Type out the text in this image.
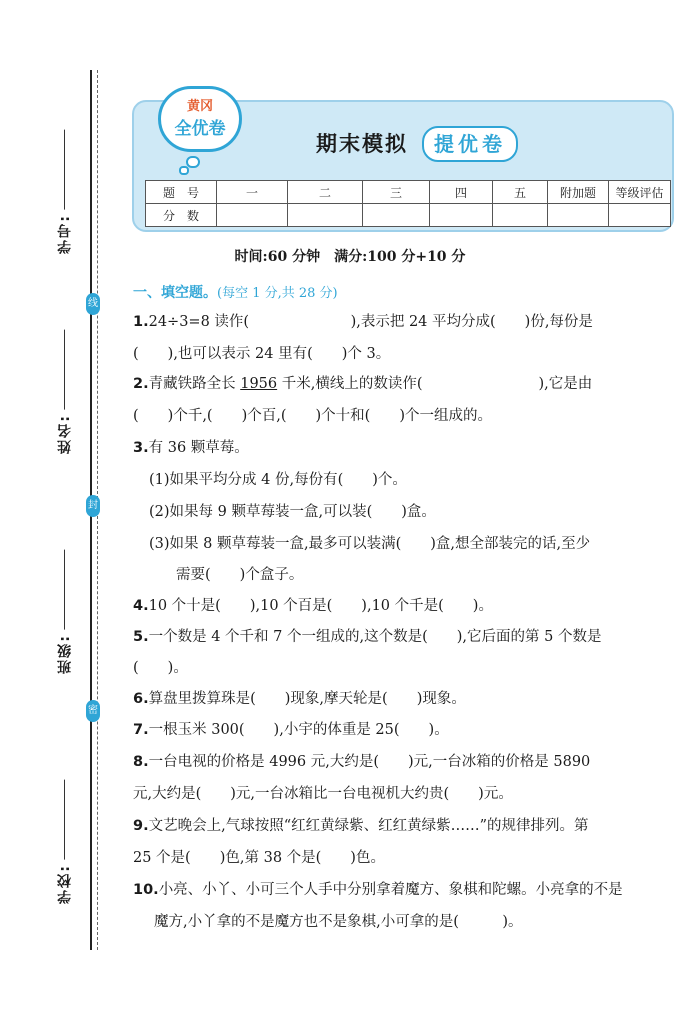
学号:
姓名:
班级:
学校:
线
封
密
黄冈
全优卷
期末模拟	提优卷
题　号	一	二	三	四	五	附加题	等级评估
分　数							
时间:60 分钟　满分:100 分+10 分
一、填空题。(每空 1 分,共 28 分)
1.24÷3=8 读作(　　　　　　　),表示把 24 平均分成(　　)份,每份是
(　　),也可以表示 24 里有(　　)个 3。
2.青藏铁路全长 1956 千米,横线上的数读作(　　　　　　　　),它是由
(　　)个千,(　　)个百,(　　)个十和(　　)个一组成的。
3.有 36 颗草莓。
(1)如果平均分成 4 份,每份有(　　)个。
(2)如果每 9 颗草莓装一盒,可以装(　　)盒。
(3)如果 8 颗草莓装一盒,最多可以装满(　　)盒,想全部装完的话,至少
需要(　　)个盒子。
4.10 个十是(　　),10 个百是(　　),10 个千是(　　)。
5.一个数是 4 个千和 7 个一组成的,这个数是(　　),它后面的第 5 个数是
(　　)。
6.算盘里拨算珠是(　　)现象,摩天轮是(　　)现象。
7.一根玉米 300(　　),小宇的体重是 25(　　)。
8.一台电视的价格是 4996 元,大约是(　　)元,一台冰箱的价格是 5890
元,大约是(　　)元,一台冰箱比一台电视机大约贵(　　)元。
9.文艺晚会上,气球按照“红红黄绿紫、红红黄绿紫……”的规律排列。第
25 个是(　　)色,第 38 个是(　　)色。
10.小亮、小丫、小可三个人手中分别拿着魔方、象棋和陀螺。小亮拿的不是
魔方,小丫拿的不是魔方也不是象棋,小可拿的是(　　　)。
